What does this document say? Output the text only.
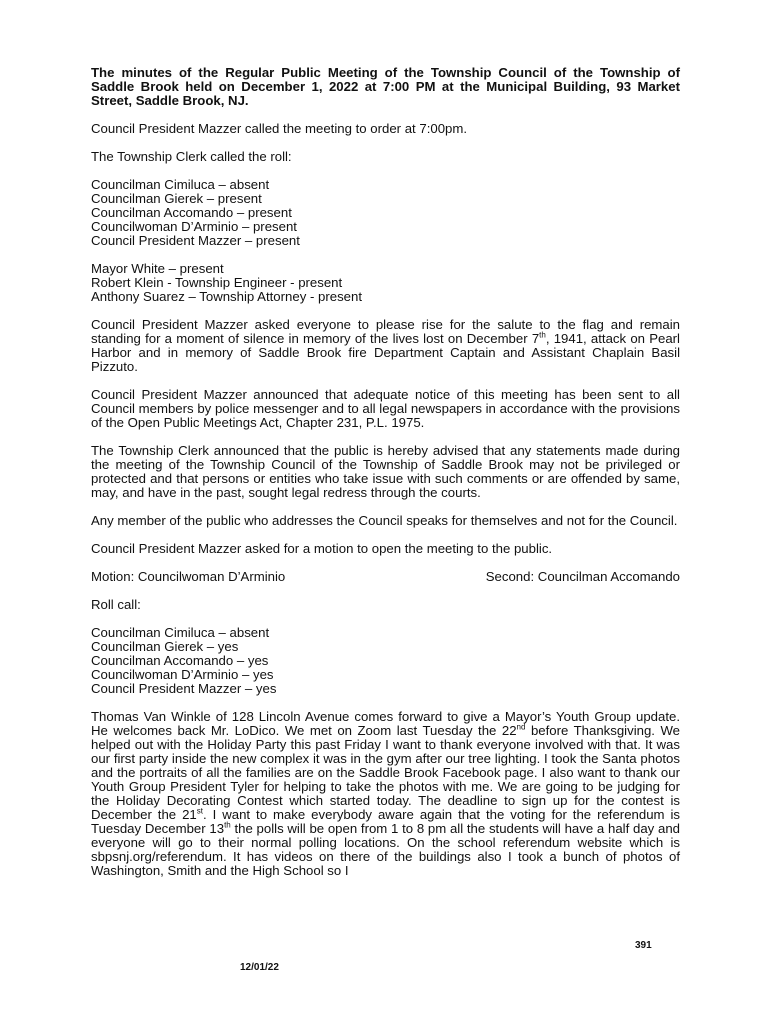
The minutes of the Regular Public Meeting of the Township Council of the Township of Saddle Brook held on December 1, 2022 at 7:00 PM at the Municipal Building, 93 Market Street, Saddle Brook, NJ.
Council President Mazzer called the meeting to order at 7:00pm.
The Township Clerk called the roll:
Councilman Cimiluca – absent
Councilman Gierek – present
Councilman Accomando – present
Councilwoman D’Arminio – present
Council President Mazzer – present
Mayor White – present
Robert Klein - Township Engineer - present
Anthony Suarez – Township Attorney - present
Council President Mazzer asked everyone to please rise for the salute to the flag and remain standing for a moment of silence in memory of the lives lost on December 7th, 1941, attack on Pearl Harbor and in memory of Saddle Brook fire Department Captain and Assistant Chaplain Basil Pizzuto.
Council President Mazzer announced that adequate notice of this meeting has been sent to all Council members by police messenger and to all legal newspapers in accordance with the provisions of the Open Public Meetings Act, Chapter 231, P.L. 1975.
The Township Clerk announced that the public is hereby advised that any statements made during the meeting of the Township Council of the Township of Saddle Brook may not be privileged or protected and that persons or entities who take issue with such comments or are offended by same, may, and have in the past, sought legal redress through the courts.
Any member of the public who addresses the Council speaks for themselves and not for the Council.
Council President Mazzer asked for a motion to open the meeting to the public.
Motion: Councilwoman D’Arminio	Second: Councilman Accomando
Roll call:
Councilman Cimiluca – absent
Councilman Gierek – yes
Councilman Accomando – yes
Councilwoman D’Arminio – yes
Council President Mazzer – yes
Thomas Van Winkle of 128 Lincoln Avenue comes forward to give a Mayor’s Youth Group update. He welcomes back Mr. LoDico. We met on Zoom last Tuesday the 22nd before Thanksgiving. We helped out with the Holiday Party this past Friday I want to thank everyone involved with that. It was our first party inside the new complex it was in the gym after our tree lighting. I took the Santa photos and the portraits of all the families are on the Saddle Brook Facebook page. I also want to thank our Youth Group President Tyler for helping to take the photos with me. We are going to be judging for the Holiday Decorating Contest which started today. The deadline to sign up for the contest is December the 21st. I want to make everybody aware again that the voting for the referendum is Tuesday December 13th the polls will be open from 1 to 8 pm all the students will have a half day and everyone will go to their normal polling locations. On the school referendum website which is sbpsnj.org/referendum. It has videos on there of the buildings also I took a bunch of photos of Washington, Smith and the High School so I
391
12/01/22
